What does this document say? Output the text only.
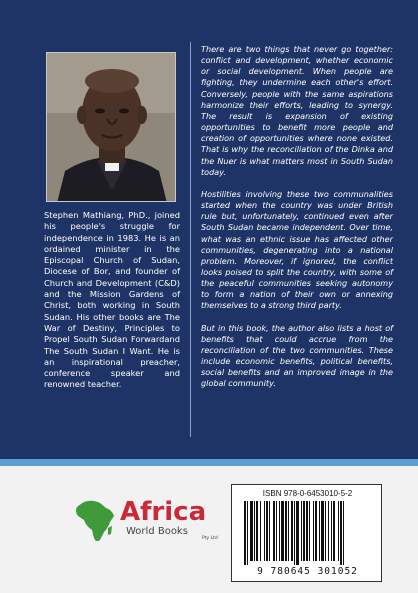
Stephen Mathiang, PhD., joined his people's struggle for independence in 1983. He is an ordained minister in the Episcopal Church of Sudan, Diocese of Bor, and founder of Church and Development (C&D) and the Mission Gardens of Christ, both working in South Sudan. His other books are The War of Destiny, Principles to Propel South Sudan Forwardand The South Sudan I Want. He is an inspirational preacher, conference speaker and renowned teacher.

There are two things that never go together: conflict and development, whether economic or social development. When people are fighting, they undermine each other's effort. Conversely, people with the same aspirations harmonize their efforts, leading to synergy. The result is expansion of existing opportunities to benefit more people and creation of opportunities where none existed. That is why the reconciliation of the Dinka and the Nuer is what matters most in South Sudan today.

Hostilities involving these two communalities started when the country was under British rule but, unfortunately, continued even after South Sudan became independent. Over time, what was an ethnic issue has affected other communities, degenerating into a national problem. Moreover, if ignored, the conflict looks poised to split the country, with some of the peaceful communities seeking autonomy to form a nation of their own or annexing themselves to a strong third party.

But in this book, the author also lists a host of benefits that could accrue from the reconciliation of the two communities. These include economic benefits, political benefits, social benefits and an improved image in the global community.

Africa
World Books
Pty Ltd
ISBN 978-0-6453010-5-2
9 780645 301052
